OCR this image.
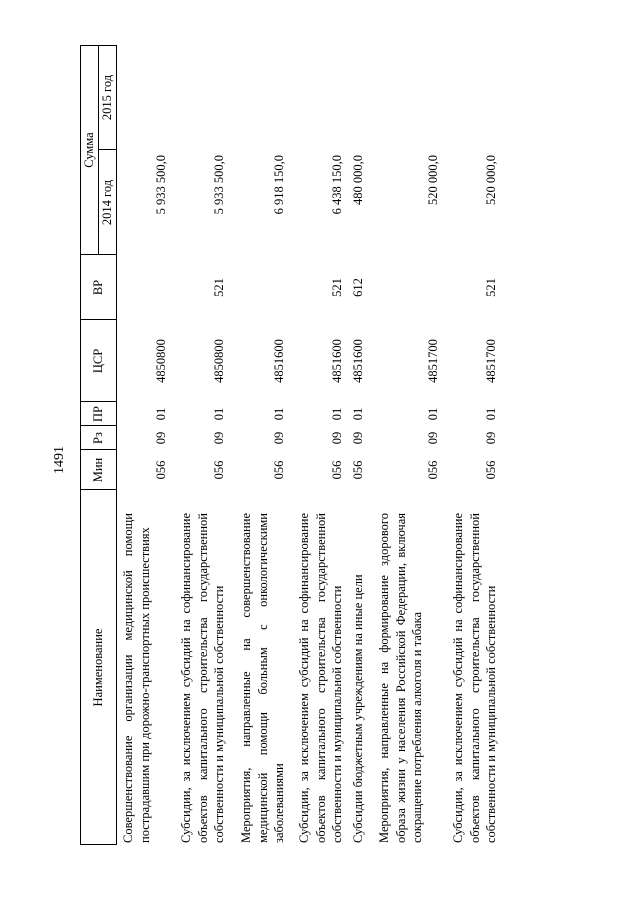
1491
Наименование
Мин
Рз
ПР
ЦСР
ВР
Сумма
2014 год
2015 год
Совершенствование организации медицинской помощи пострадавшим при дорожно-транспортных происшествиях
056
09
01
4850800
5 933 500,0
Субсидии, за исключением субсидий на софинансирование объектов капитального строительства государственной собственности и муниципальной собственности
056
09
01
4850800
521
5 933 500,0
Мероприятия, направленные на совершенствование медицинской помощи больным с онкологическими заболеваниями
056
09
01
4851600
6 918 150,0
Субсидии, за исключением субсидий на софинансирование объектов капитального строительства государственной собственности и муниципальной собственности
056
09
01
4851600
521
6 438 150,0
Субсидии бюджетным учреждениям на иные цели
056
09
01
4851600
612
480 000,0
Мероприятия, направленные на формирование здорового образа жизни у населения Российской Федерации, включая сокращение потребления алкоголя и табака
056
09
01
4851700
520 000,0
Субсидии, за исключением субсидий на софинансирование объектов капитального строительства государственной собственности и муниципальной собственности
056
09
01
4851700
521
520 000,0
